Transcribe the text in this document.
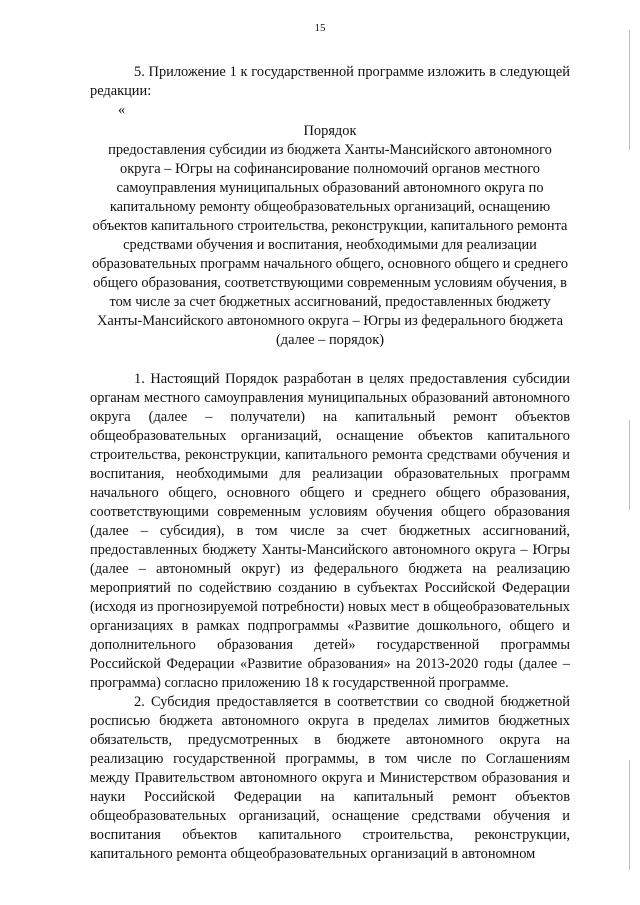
15

5. Приложение 1 к государственной программе изложить в следующей редакции:

«

Порядок
предоставления субсидии из бюджета Ханты-Мансийского автономного округа – Югры на софинансирование полномочий органов местного самоуправления муниципальных образований автономного округа по капитальному ремонту общеобразовательных организаций, оснащению объектов капитального строительства, реконструкции, капитального ремонта средствами обучения и воспитания, необходимыми для реализации образовательных программ начального общего, основного общего и среднего общего образования, соответствующими современным условиям обучения, в том числе за счет бюджетных ассигнований, предоставленных бюджету Ханты-Мансийского автономного округа – Югры из федерального бюджета
(далее – порядок)

1. Настоящий Порядок разработан в целях предоставления субсидии органам местного самоуправления муниципальных образований автономного округа (далее – получатели) на капитальный ремонт объектов общеобразовательных организаций, оснащение объектов капитального строительства, реконструкции, капитального ремонта средствами обучения и воспитания, необходимыми для реализации образовательных программ начального общего, основного общего и среднего общего образования, соответствующими современным условиям обучения общего образования (далее – субсидия), в том числе за счет бюджетных ассигнований, предоставленных бюджету Ханты-Мансийского автономного округа – Югры (далее – автономный округ) из федерального бюджета на реализацию мероприятий по содействию созданию в субъектах Российской Федерации (исходя из прогнозируемой потребности) новых мест в общеобразовательных организациях в рамках подпрограммы «Развитие дошкольного, общего и дополнительного образования детей» государственной программы Российской Федерации «Развитие образования» на 2013-2020 годы (далее – программа) согласно приложению 18 к государственной программе.

2. Субсидия предоставляется в соответствии со сводной бюджетной росписью бюджета автономного округа в пределах лимитов бюджетных обязательств, предусмотренных в бюджете автономного округа на реализацию государственной программы, в том числе по Соглашениям между Правительством автономного округа и Министерством образования и науки Российской Федерации на капитальный ремонт объектов общеобразовательных организаций, оснащение средствами обучения и воспитания объектов капитального строительства, реконструкции, капитального ремонта общеобразовательных организаций в автономном
